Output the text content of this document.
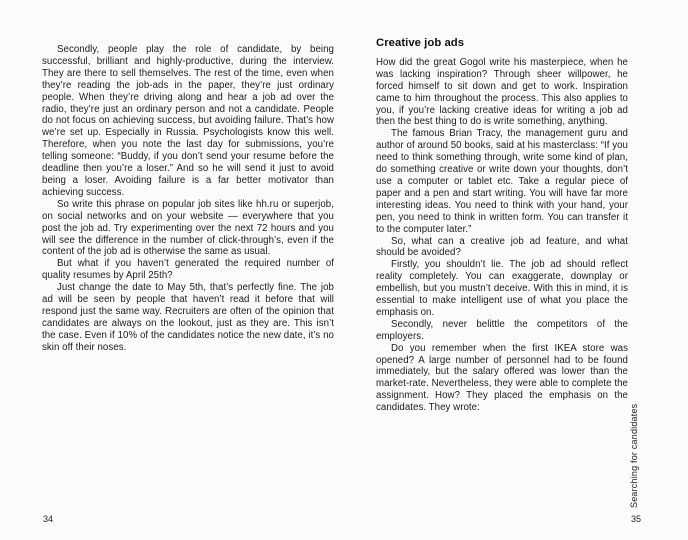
Secondly, people play the role of candidate, by being successful, brilliant and highly-productive, during the interview. They are there to sell themselves. The rest of the time, even when they’re reading the job-ads in the paper, they’re just ordinary people. When they’re driving along and hear a job ad over the radio, they’re just an ordinary person and not a candidate. People do not focus on achieving success, but avoiding failure. That’s how we’re set up. Especially in Russia. Psychologists know this well. Therefore, when you note the last day for submissions, you’re telling someone: “Buddy, if you don’t send your resume before the deadline then you’re a loser.” And so he will send it just to avoid being a loser. Avoiding failure is a far better motivator than achieving success.

So write this phrase on popular job sites like hh.ru or superjob, on social networks and on your website — everywhere that you post the job ad. Try experimenting over the next 72 hours and you will see the difference in the number of click-through’s, even if the content of the job ad is otherwise the same as usual.

But what if you haven’t generated the required number of quality resumes by April 25th?

Just change the date to May 5th, that’s perfectly fine. The job ad will be seen by people that haven’t read it before that will respond just the same way. Recruiters are often of the opinion that candidates are always on the lookout, just as they are. This isn’t the case. Even if 10% of the candidates notice the new date, it’s no skin off their noses.

34
Creative job ads

How did the great Gogol write his masterpiece, when he was lacking inspiration? Through sheer willpower, he forced himself to sit down and get to work. Inspiration came to him throughout the process. This also applies to you, if you’re lacking creative ideas for writing a job ad then the best thing to do is write something, anything.

The famous Brian Tracy, the management guru and author of around 50 books, said at his masterclass: “If you need to think something through, write some kind of plan, do something creative or write down your thoughts, don’t use a computer or tablet etc. Take a regular piece of paper and a pen and start writing. You will have far more interesting ideas. You need to think with your hand, your pen, you need to think in written form. You can transfer it to the computer later.”

So, what can a creative job ad feature, and what should be avoided?

Firstly, you shouldn’t lie. The job ad should reflect reality completely. You can exaggerate, downplay or embellish, but you mustn’t deceive. With this in mind, it is essential to make intelligent use of what you place the emphasis on.

Secondly, never belittle the competitors of the employers.

Do you remember when the first IKEA store was opened? A large number of personnel had to be found immediately, but the salary offered was lower than the market-rate. Nevertheless, they were able to complete the assignment. How? They placed the emphasis on the candidates. They wrote:

35
Searching for candidates
